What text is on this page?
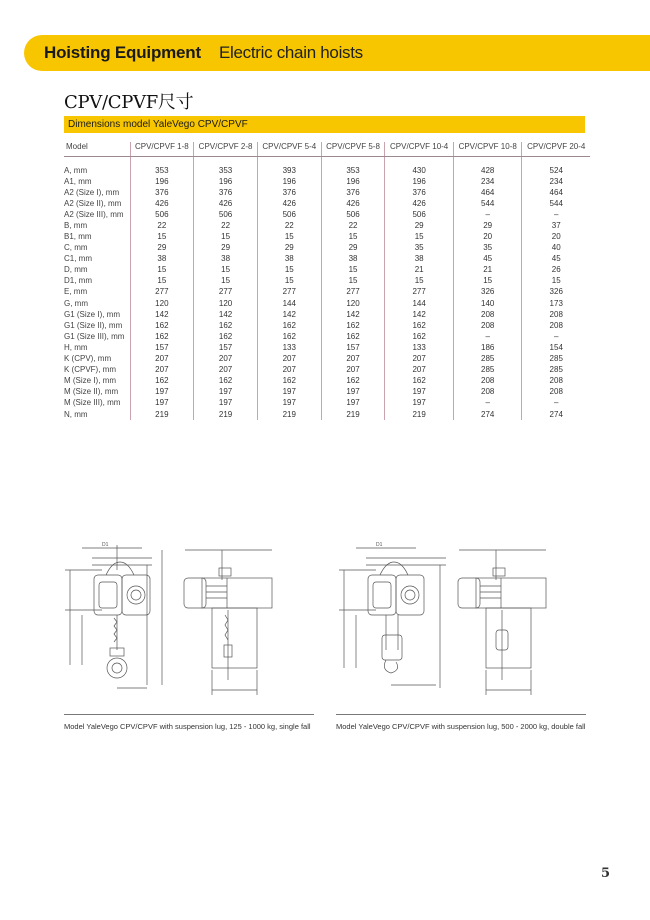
Hoisting Equipment Electric chain hoists
CPV/CPVF尺寸
Dimensions model YaleVego CPV/CPVF
Model	CPV/CPVF 1-8	CPV/CPVF 2-8	CPV/CPVF 5-4	CPV/CPVF 5-8	CPV/CPVF 10-4	CPV/CPVF 10-8	CPV/CPVF 20-4
A, mm	353	353	393	353	430	428	524
A1, mm	196	196	196	196	196	234	234
A2 (Size I), mm	376	376	376	376	376	464	464
A2 (Size II), mm	426	426	426	426	426	544	544
A2 (Size III), mm	506	506	506	506	506	–	–
B, mm	22	22	22	22	29	29	37
B1, mm	15	15	15	15	15	20	20
C, mm	29	29	29	29	35	35	40
C1, mm	38	38	38	38	38	45	45
D, mm	15	15	15	15	21	21	26
D1, mm	15	15	15	15	15	15	15
E, mm	277	277	277	277	277	326	326
G, mm	120	120	144	120	144	140	173
G1 (Size I), mm	142	142	142	142	142	208	208
G1 (Size II), mm	162	162	162	162	162	208	208
G1 (Size III), mm	162	162	162	162	162	–	–
H, mm	157	157	133	157	133	186	154
K (CPV), mm	207	207	207	207	207	285	285
K (CPVF), mm	207	207	207	207	207	285	285
M (Size I), mm	162	162	162	162	162	208	208
M (Size II), mm	197	197	197	197	197	208	208
M (Size III), mm	197	197	197	197	197	–	–
N, mm	219	219	219	219	219	274	274
D1	D1
Model YaleVego CPV/CPVF with suspension lug, 125 - 1000 kg, single fall	Model YaleVego CPV/CPVF with suspension lug, 500 - 2000 kg, double fall
5
